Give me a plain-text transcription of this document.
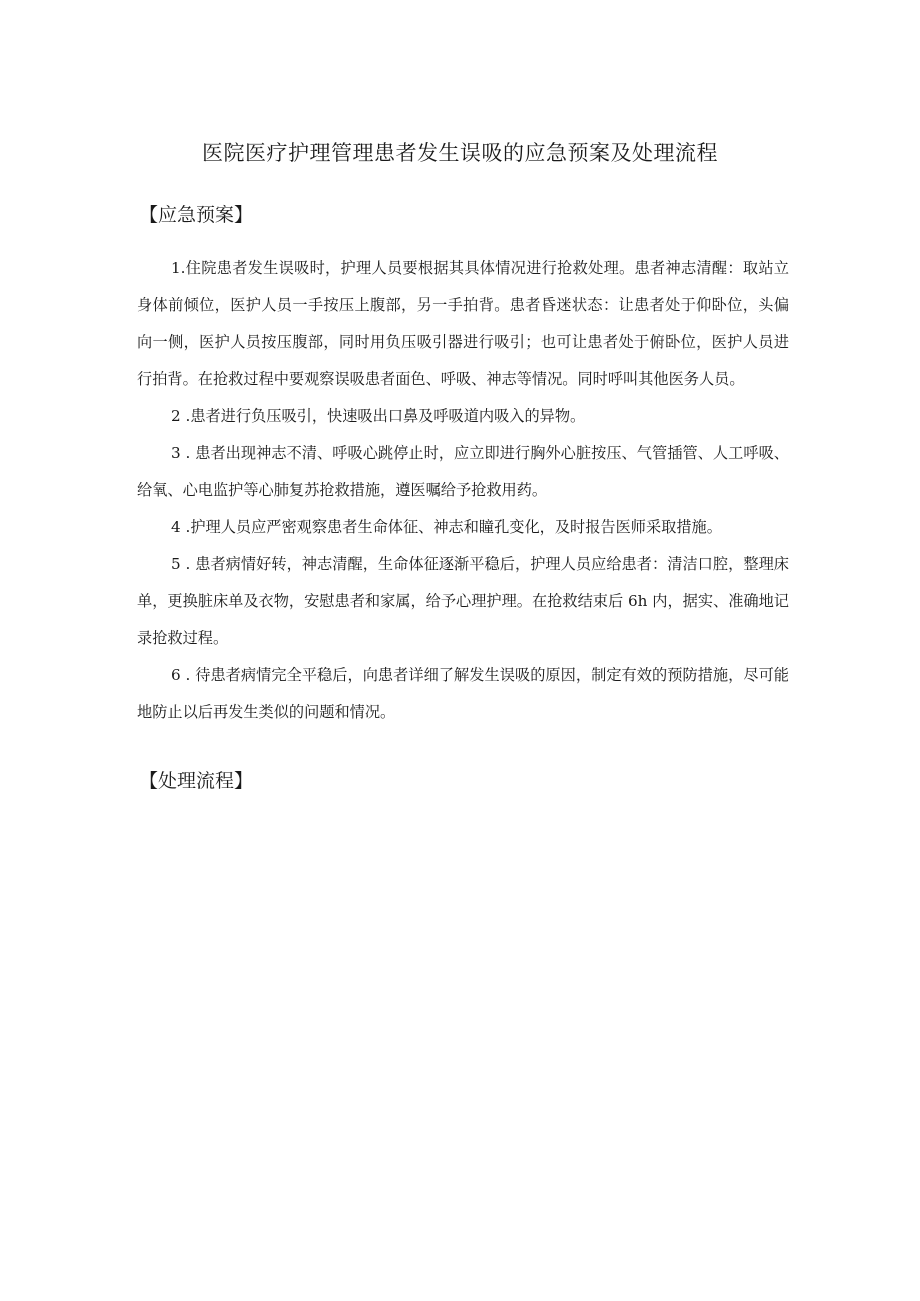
医院医疗护理管理患者发生误吸的应急预案及处理流程
【应急预案】

1.住院患者发生误吸时，护理人员要根据其具体情况进行抢救处理。患者神志清醒：取站立身体前倾位，医护人员一手按压上腹部，另一手拍背。患者昏迷状态：让患者处于仰卧位，头偏向一侧，医护人员按压腹部，同时用负压吸引器进行吸引；也可让患者处于俯卧位，医护人员进行拍背。在抢救过程中要观察误吸患者面色、呼吸、神志等情况。同时呼叫其他医务人员。

2 .患者进行负压吸引，快速吸出口鼻及呼吸道内吸入的异物。

3 . 患者出现神志不清、呼吸心跳停止时，应立即进行胸外心脏按压、气管插管、人工呼吸、给氧、心电监护等心肺复苏抢救措施，遵医嘱给予抢救用药。

4 .护理人员应严密观察患者生命体征、神志和瞳孔变化，及时报告医师采取措施。

5 . 患者病情好转，神志清醒，生命体征逐渐平稳后，护理人员应给患者：清洁口腔，整理床单，更换脏床单及衣物，安慰患者和家属，给予心理护理。在抢救结束后 6h 内，据实、准确地记录抢救过程。

6 . 待患者病情完全平稳后，向患者详细了解发生误吸的原因，制定有效的预防措施，尽可能地防止以后再发生类似的问题和情况。

【处理流程】
